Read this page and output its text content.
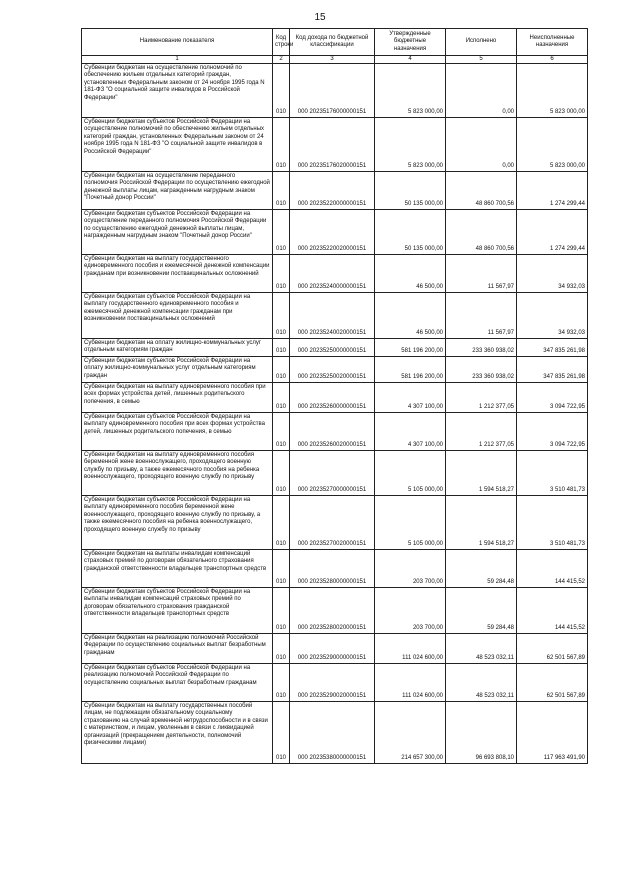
15
Наименование показателя	Код строки	Код дохода по бюджетной классификации	Утвержденные бюджетные назначения	Исполнено	Неисполненные назначения
1	2	3	4	5	6
Субвенции бюджетам на осуществление полномочий по обеспечению жильем отдельных категорий граждан, установленных Федеральным законом от 24 ноября 1995 года N 181-ФЗ "О социальной защите инвалидов в Российской Федерации"	010	000 20235176000000151	5 823 000,00	0,00	5 823 000,00
Субвенции бюджетам субъектов Российской Федерации на осуществление полномочий по обеспечению жильем отдельных категорий граждан, установленных Федеральным законом от 24 ноября 1995 года N 181-ФЗ "О социальной защите инвалидов в Российской Федерации"	010	000 20235176020000151	5 823 000,00	0,00	5 823 000,00
Субвенции бюджетам на осуществление переданного полномочия Российской Федерации по осуществлению ежегодной денежной выплаты лицам, награжденным нагрудным знаком "Почетный донор России"	010	000 20235220000000151	50 135 000,00	48 860 700,56	1 274 299,44
Субвенции бюджетам субъектов Российской Федерации на осуществление переданного полномочия Российской Федерации по осуществлению ежегодной денежной выплаты лицам, награжденным нагрудным знаком "Почетный донор России"	010	000 20235220020000151	50 135 000,00	48 860 700,56	1 274 299,44
Субвенции бюджетам на выплату государственного единовременного пособия и ежемесячной денежной компенсации гражданам при возникновении поствакцинальных осложнений	010	000 20235240000000151	46 500,00	11 567,97	34 932,03
Субвенции бюджетам субъектов Российской Федерации на выплату государственного единовременного пособия и ежемесячной денежной компенсации гражданам при возникновении поствакцинальных осложнений	010	000 20235240020000151	46 500,00	11 567,97	34 932,03
Субвенции бюджетам на оплату жилищно-коммунальных услуг отдельным категориям граждан	010	000 20235250000000151	581 196 200,00	233 360 938,02	347 835 261,98
Субвенции бюджетам субъектов Российской Федерации на оплату жилищно-коммунальных услуг отдельным категориям граждан	010	000 20235250020000151	581 196 200,00	233 360 938,02	347 835 261,98
Субвенции бюджетам на выплату единовременного пособия при всех формах устройства детей, лишенных родительского попечения, в семью	010	000 20235260000000151	4 307 100,00	1 212 377,05	3 094 722,95
Субвенции бюджетам субъектов Российской Федерации на выплату единовременного пособия при всех формах устройства детей, лишенных родительского попечения, в семью	010	000 20235260020000151	4 307 100,00	1 212 377,05	3 094 722,95
Субвенции бюджетам на выплату единовременного пособия беременной жене военнослужащего, проходящего военную службу по призыву, а также ежемесячного пособия на ребенка военнослужащего, проходящего военную службу по призыву	010	000 20235270000000151	5 105 000,00	1 594 518,27	3 510 481,73
Субвенции бюджетам субъектов Российской Федерации на выплату единовременного пособия беременной жене военнослужащего, проходящего военную службу по призыву, а также ежемесячного пособия на ребенка военнослужащего, проходящего военную службу по призыву	010	000 20235270020000151	5 105 000,00	1 594 518,27	3 510 481,73
Субвенции бюджетам на выплаты инвалидам компенсаций страховых премий по договорам обязательного страхования гражданской ответственности владельцев транспортных средств	010	000 20235280000000151	203 700,00	59 284,48	144 415,52
Субвенции бюджетам субъектов Российской Федерации на выплаты инвалидам компенсаций страховых премий по договорам обязательного страхования гражданской ответственности владельцев транспортных средств	010	000 20235280020000151	203 700,00	59 284,48	144 415,52
Субвенции бюджетам на реализацию полномочий Российской Федерации по осуществлению социальных выплат безработным гражданам	010	000 20235290000000151	111 024 600,00	48 523 032,11	62 501 567,89
Субвенции бюджетам субъектов Российской Федерации на реализацию полномочий Российской Федерации по осуществлению социальных выплат безработным гражданам	010	000 20235290020000151	111 024 600,00	48 523 032,11	62 501 567,89
Субвенции бюджетам на выплату государственных пособий лицам, не подлежащим обязательному социальному страхованию на случай временной нетрудоспособности и в связи с материнством, и лицам, уволенным в связи с ликвидацией организаций (прекращением деятельности, полномочий физическими лицами)	010	000 20235380000000151	214 657 300,00	96 693 808,10	117 963 491,90
